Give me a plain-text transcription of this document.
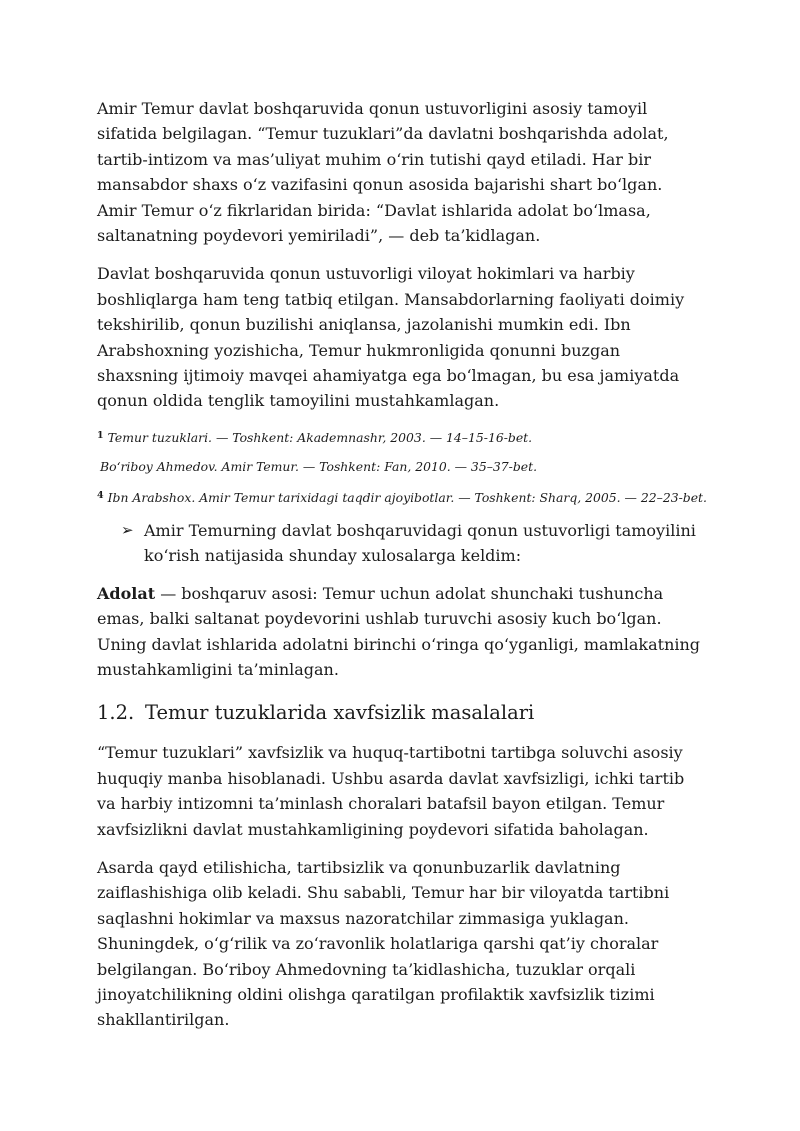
Amir Temur davlat boshqaruvida qonun ustuvorligini asosiy tamoyil sifatida belgilagan. “Temur tuzuklari”da davlatni boshqarishda adolat, tartib-intizom va mas’uliyat muhim o‘rin tutishi qayd etiladi. Har bir mansabdor shaxs o‘z vazifasini qonun asosida bajarishi shart bo‘lgan. Amir Temur o‘z fikrlaridan birida: “Davlat ishlarida adolat bo‘lmasa, saltanatning poydevori yemiriladi”, — deb ta’kidlagan.

Davlat boshqaruvida qonun ustuvorligi viloyat hokimlari va harbiy boshliqlarga ham teng tatbiq etilgan. Mansabdorlarning faoliyati doimiy tekshirilib, qonun buzilishi aniqlansa, jazolanishi mumkin edi. Ibn Arabshoxning yozishicha, Temur hukmronligida qonunni buzgan shaxsning ijtimoiy mavqei ahamiyatga ega bo‘lmagan, bu esa jamiyatda qonun oldida tenglik tamoyilini mustahkamlagan.

$^1$ Temur tuzuklari. — Toshkent: Akademnashr, 2003. — 14–15-16-bet.
Bo‘riboy Ahmedov. Amir Temur. — Toshkent: Fan, 2010. — 35–37-bet.
$^4$ Ibn Arabshox. Amir Temur tarixidagi taqdir ajoyibotlar. — Toshkent: Sharq, 2005. — 22–23-bet.
➢ Amir Temurning davlat boshqaruvidagi qonun ustuvorligi tamoyilini ko‘rish natijasida shunday xulosalarga keldim:

Adolat — boshqaruv asosi: Temur uchun adolat shunchaki tushuncha emas, balki saltanat poydevorini ushlab turuvchi asosiy kuch bo‘lgan. Uning davlat ishlarida adolatni birinchi o‘ringa qo‘yganligi, mamlakatning mustahkamligini ta’minlagan.

1.2. Temur tuzuklarida xavfsizlik masalalari

“Temur tuzuklari” xavfsizlik va huquq-tartibotni tartibga soluvchi asosiy huquqiy manba hisoblanadi. Ushbu asarda davlat xavfsizligi, ichki tartib va harbiy intizomni ta’minlash choralari batafsil bayon etilgan. Temur xavfsizlikni davlat mustahkamligining poydevori sifatida baholagan.

Asarda qayd etilishicha, tartibsizlik va qonunbuzarlik davlatning zaiflashishiga olib keladi. Shu sababli, Temur har bir viloyatda tartibni saqlashni hokimlar va maxsus nazoratchilar zimmasiga yuklagan. Shuningdek, o‘g‘rilik va zo‘ravonlik holatlariga qarshi qat’iy choralar belgilangan. Bo‘riboy Ahmedovning ta’kidlashicha, tuzuklar orqali jinoyatchilikning oldini olishga qaratilgan profilaktik xavfsizlik tizimi shakllantirilgan.
